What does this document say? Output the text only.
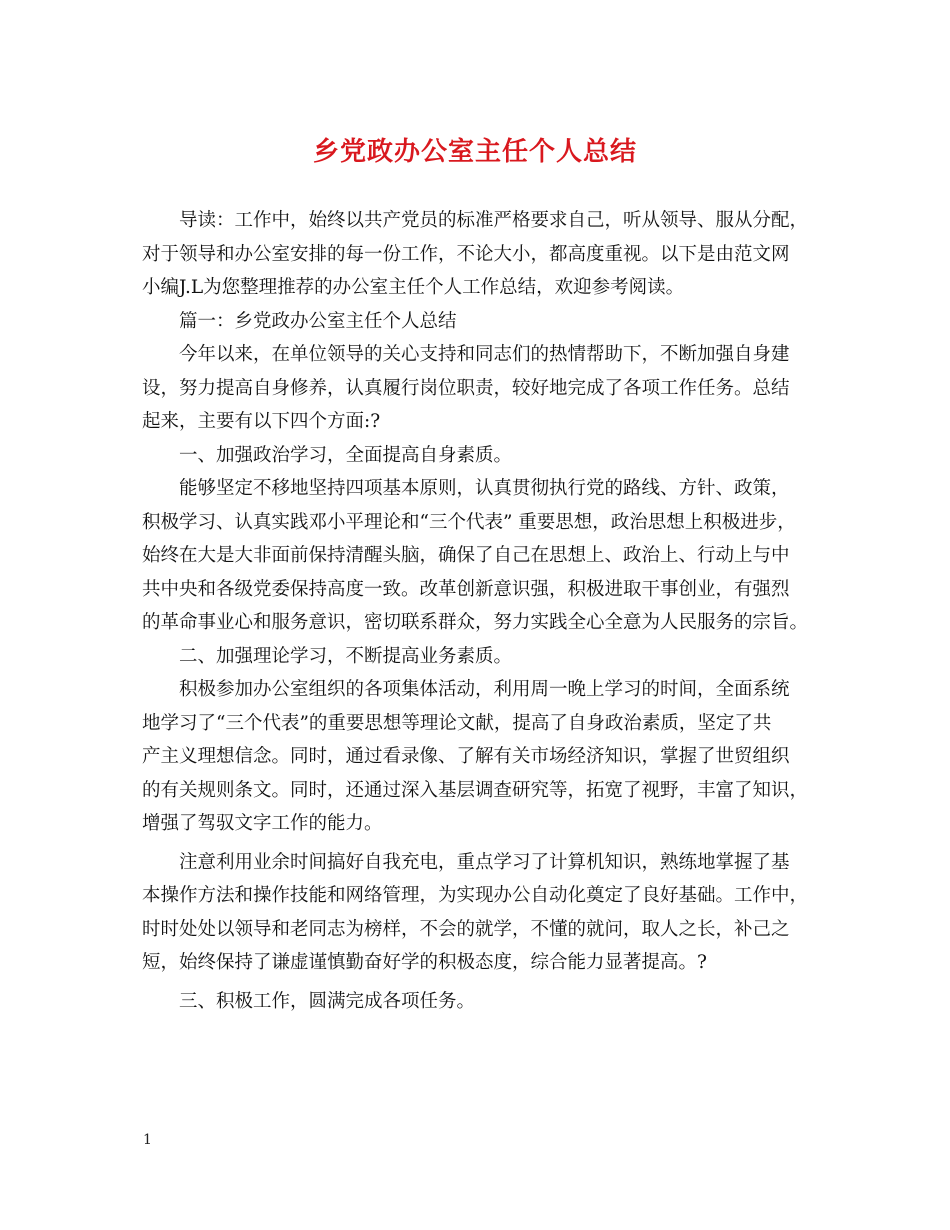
乡党政办公室主任个人总结
导读：工作中，始终以共产党员的标准严格要求自己，听从领导、服从分配，
对于领导和办公室安排的每一份工作，不论大小，都高度重视。以下是由范文网
小编J.L为您整理推荐的办公室主任个人工作总结，欢迎参考阅读。
篇一：乡党政办公室主任个人总结
今年以来，在单位领导的关心支持和同志们的热情帮助下，不断加强自身建
设，努力提高自身修养，认真履行岗位职责，较好地完成了各项工作任务。总结
起来，主要有以下四个方面:?
一、加强政治学习，全面提高自身素质。
能够坚定不移地坚持四项基本原则，认真贯彻执行党的路线、方针、政策，
积极学习、认真实践邓小平理论和“三个代表” 重要思想，政治思想上积极进步，
始终在大是大非面前保持清醒头脑，确保了自己在思想上、政治上、行动上与中
共中央和各级党委保持高度一致。改革创新意识强，积极进取干事创业，有强烈
的革命事业心和服务意识，密切联系群众，努力实践全心全意为人民服务的宗旨。
二、加强理论学习，不断提高业务素质。
积极参加办公室组织的各项集体活动，利用周一晚上学习的时间，全面系统
地学习了“三个代表”的重要思想等理论文献，提高了自身政治素质，坚定了共
产主义理想信念。同时，通过看录像、了解有关市场经济知识，掌握了世贸组织
的有关规则条文。同时，还通过深入基层调查研究等，拓宽了视野，丰富了知识，
增强了驾驭文字工作的能力。
注意利用业余时间搞好自我充电，重点学习了计算机知识，熟练地掌握了基
本操作方法和操作技能和网络管理，为实现办公自动化奠定了良好基础。工作中，
时时处处以领导和老同志为榜样，不会的就学，不懂的就问，取人之长，补己之
短，始终保持了谦虚谨慎勤奋好学的积极态度，综合能力显著提高。?
三、积极工作，圆满完成各项任务。
1
